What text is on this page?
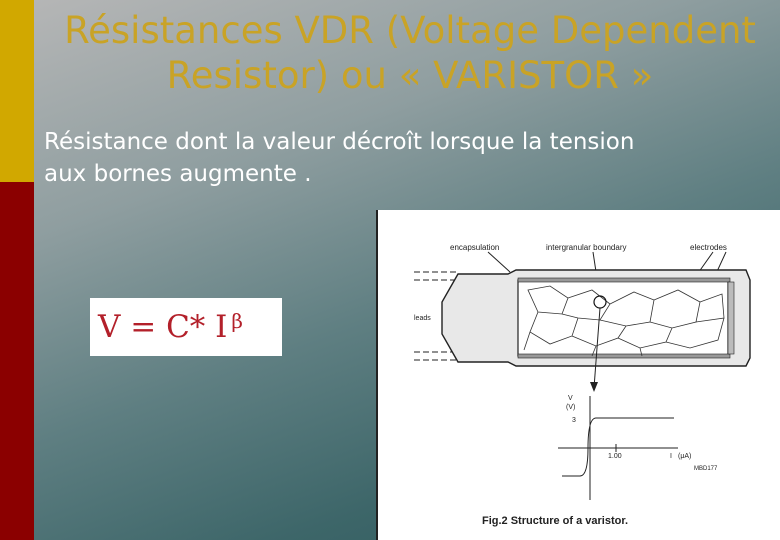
Résistances VDR (Voltage Dependent Resistor) ou « VARISTOR »

Résistance dont la valeur décroît lorsque la tension aux bornes augmente .

V = C* I $^\beta$
encapsulation	intergranular boundary	electrodes
leads
V
(V)
3
1.00	I (μA)
MBD177
Fig.2 Structure of a varistor.
